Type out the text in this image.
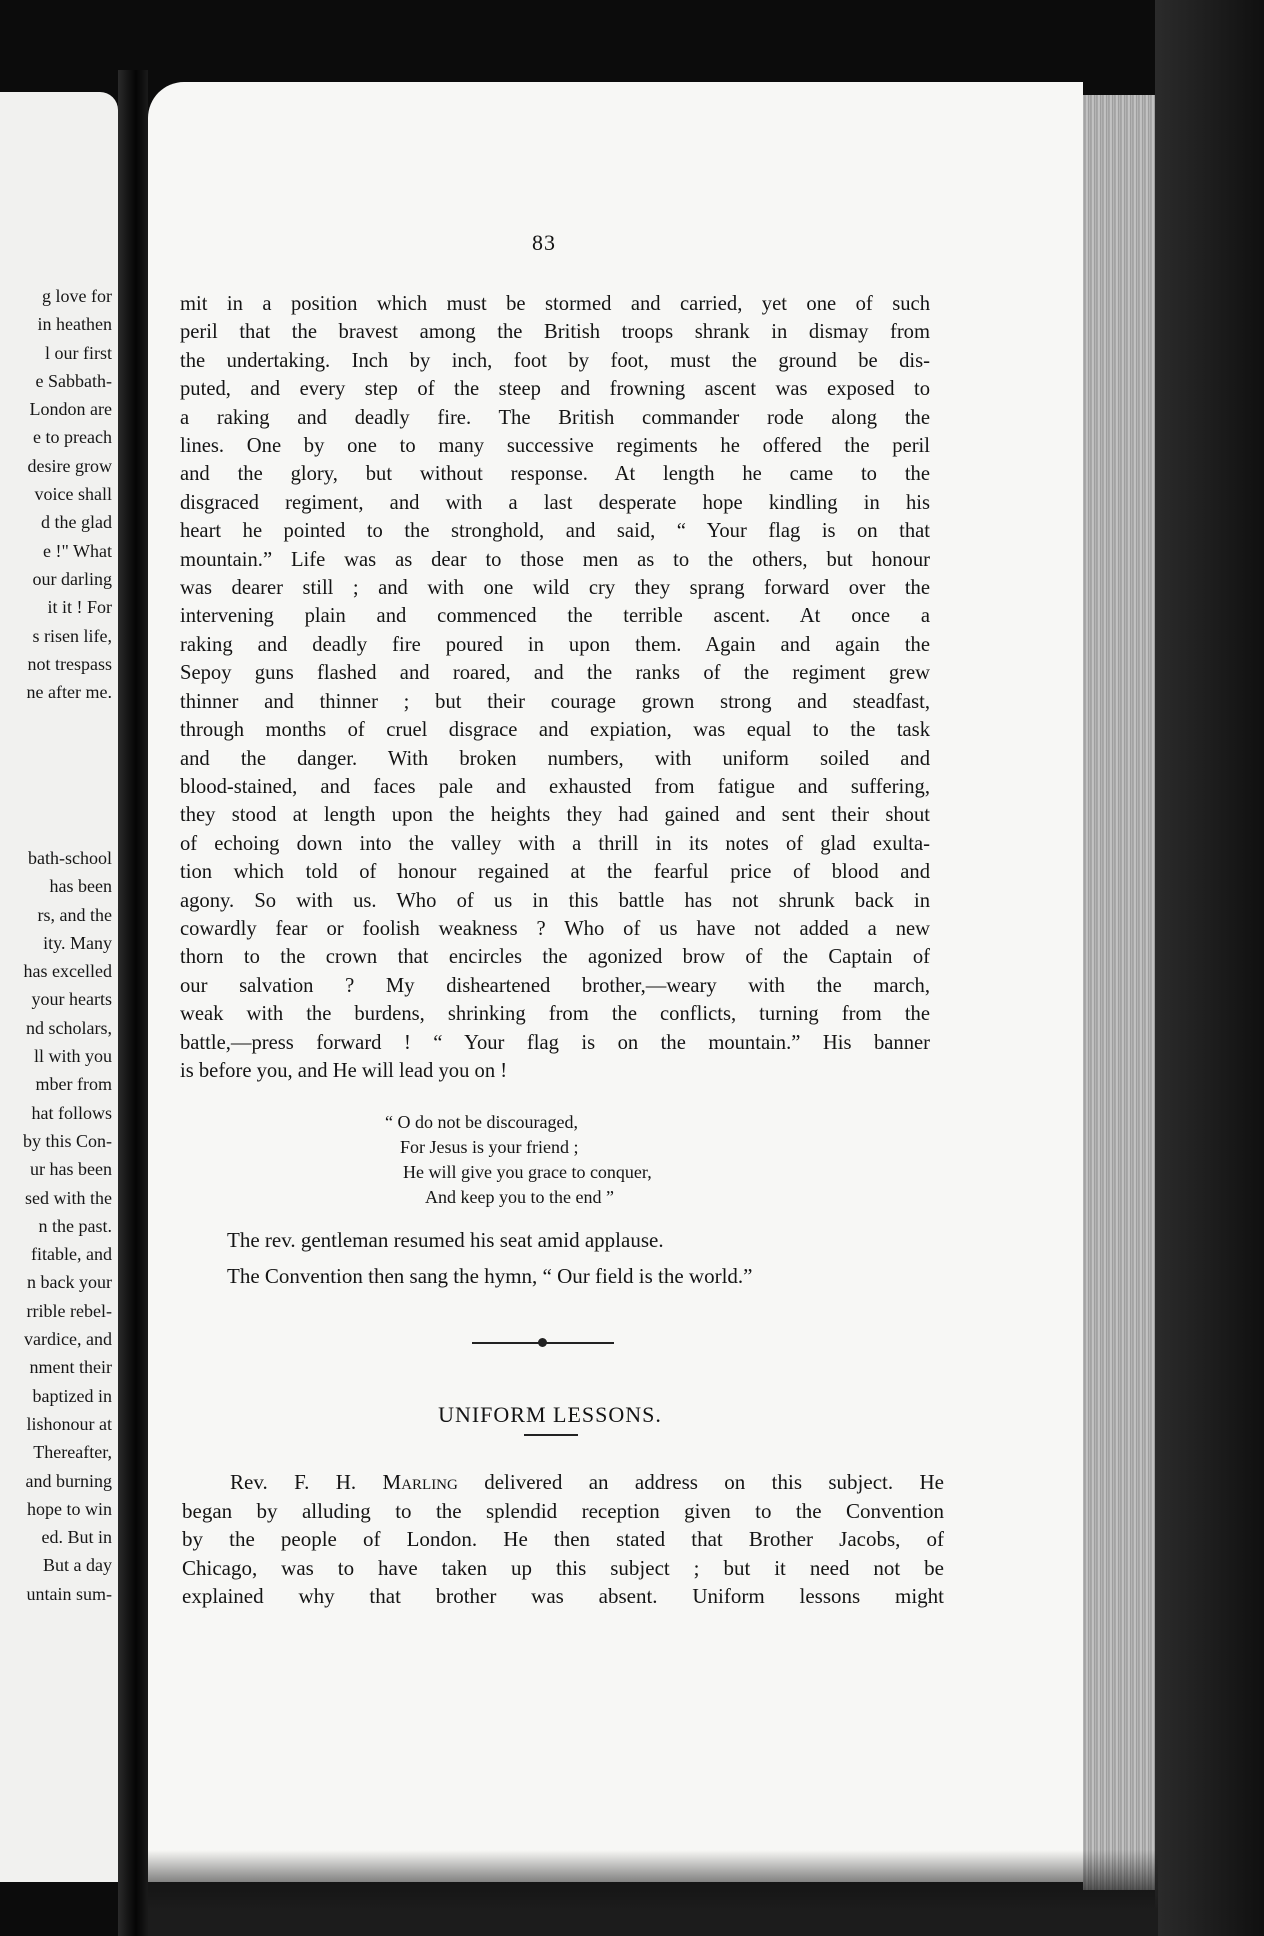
g love for
in heathen
l our first
e Sabbath-
London are
e to preach
desire grow
voice shall
d the glad
e !" What
our darling
it it ! For
s risen life,
not trespass
ne after me.
bath-school
has been
rs, and the
ity. Many
has excelled
your hearts
nd scholars,
ll with you
mber from
hat follows
by this Con-
ur has been
sed with the
n the past.
fitable, and
n back your
rrible rebel-
vardice, and
nment their
baptized in
lishonour at
Thereafter,
and burning
hope to win
ed. But in
But a day
untain sum-
83
mit in a position which must be stormed and carried, yet one of such
peril that the bravest among the British troops shrank in dismay from
the undertaking. Inch by inch, foot by foot, must the ground be dis-
puted, and every step of the steep and frowning ascent was exposed to
a raking and deadly fire. The British commander rode along the
lines. One by one to many successive regiments he offered the peril
and the glory, but without response. At length he came to the
disgraced regiment, and with a last desperate hope kindling in his
heart he pointed to the stronghold, and said, “ Your flag is on that
mountain.” Life was as dear to those men as to the others, but honour
was dearer still ; and with one wild cry they sprang forward over the
intervening plain and commenced the terrible ascent. At once a
raking and deadly fire poured in upon them. Again and again the
Sepoy guns flashed and roared, and the ranks of the regiment grew
thinner and thinner ; but their courage grown strong and steadfast,
through months of cruel disgrace and expiation, was equal to the task
and the danger. With broken numbers, with uniform soiled and
blood-stained, and faces pale and exhausted from fatigue and suffering,
they stood at length upon the heights they had gained and sent their shout
of echoing down into the valley with a thrill in its notes of glad exulta-
tion which told of honour regained at the fearful price of blood and
agony. So with us. Who of us in this battle has not shrunk back in
cowardly fear or foolish weakness ? Who of us have not added a new
thorn to the crown that encircles the agonized brow of the Captain of
our salvation ? My disheartened brother,—weary with the march,
weak with the burdens, shrinking from the conflicts, turning from the
battle,—press forward ! “ Your flag is on the mountain.” His banner
is before you, and He will lead you on !
“ O do not be discouraged,
For Jesus is your friend ;
He will give you grace to conquer,
And keep you to the end ”
The rev. gentleman resumed his seat amid applause.
The Convention then sang the hymn, “ Our field is the world.”
UNIFORM LESSONS.
Rev. F. H. Marling delivered an address on this subject. He
began by alluding to the splendid reception given to the Convention
by the people of London. He then stated that Brother Jacobs, of
Chicago, was to have taken up this subject ; but it need not be
explained why that brother was absent. Uniform lessons might
